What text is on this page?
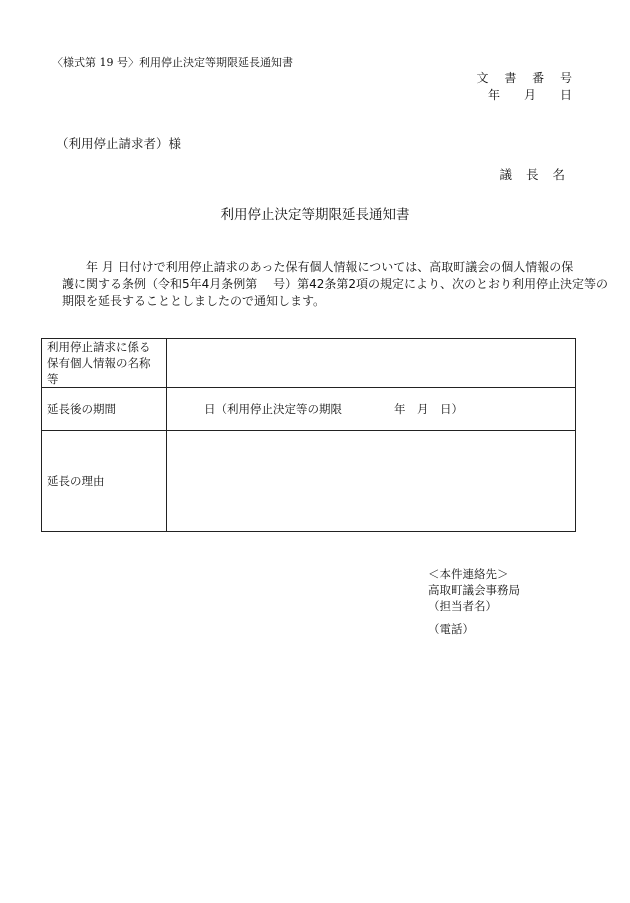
〈様式第 19 号〉利用停止決定等期限延長通知書
文 書 番 号
年　月　日
（利用停止請求者）様
議 長 名
利用停止決定等期限延長通知書
　　年 月 日付けで利用停止請求のあった保有個人情報については、高取町議会の個人情報の保
護に関する条例（令和5年4月条例第　 号）第42条第2項の規定により、次のとおり利用停止決定等の
期限を延長することとしましたので通知します。
利用停止請求に係る
保有個人情報の名称
等	

延長後の期間	日（利用停止決定等の期限 年　月　日）
延長の理由	
＜本件連絡先＞
高取町議会事務局
（担当者名）
（電話）
